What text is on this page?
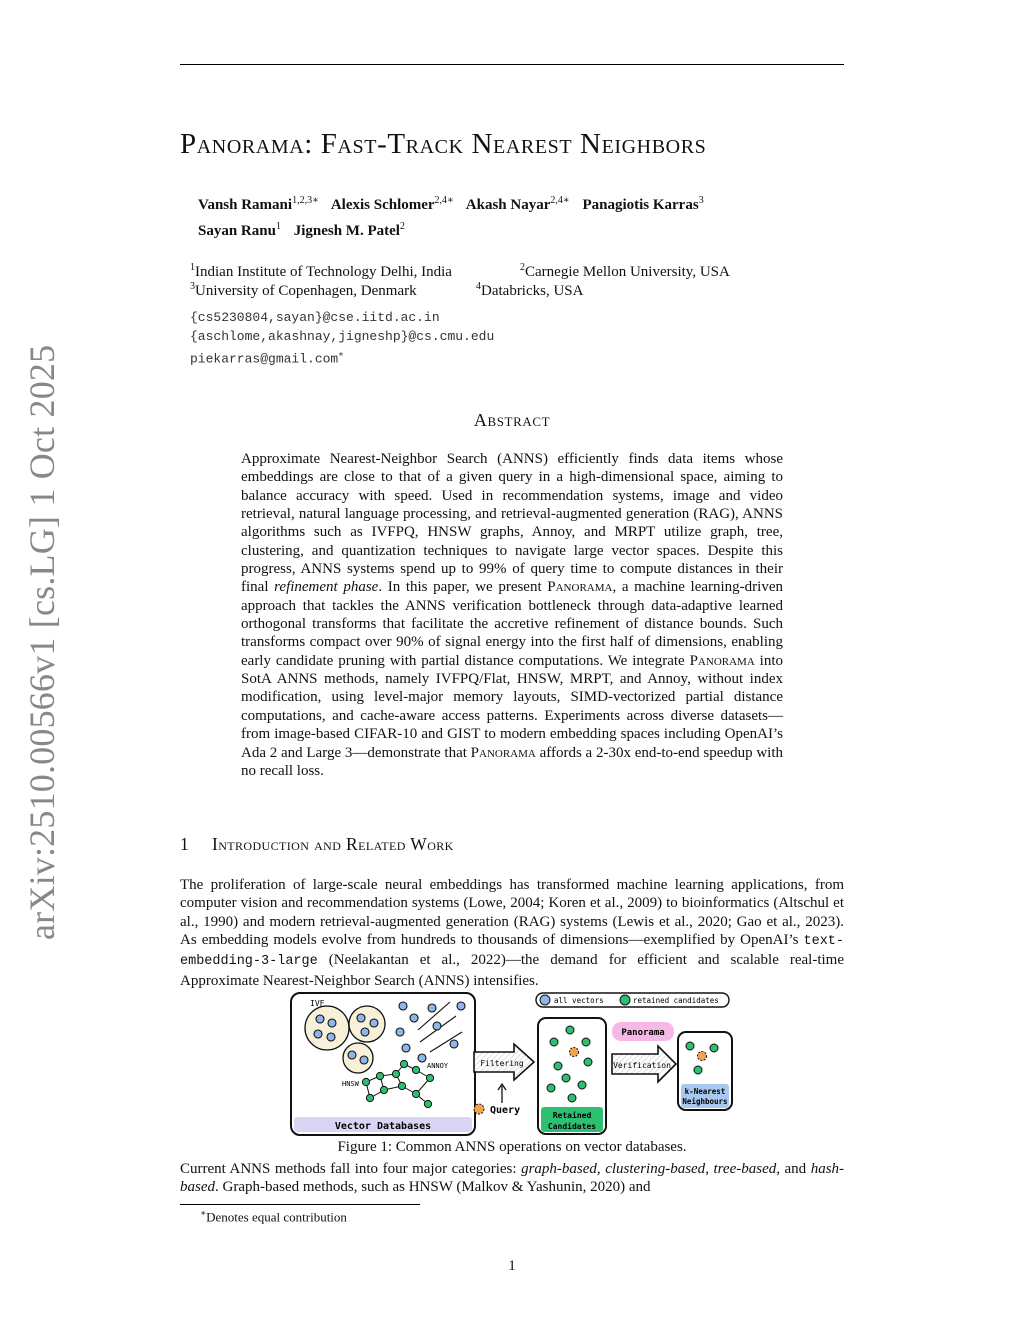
arXiv:2510.00566v1 [cs.LG] 1 Oct 2025
Panorama: Fast-Track Nearest Neighbors
Vansh Ramani$^{1,2,3∗}$ Alexis Schlomer$^{2,4∗}$ Akash Nayar$^{2,4∗}$ Panagiotis Karras$^3$
Sayan Ranu$^1$ Jignesh M. Patel$^2$
$^1$Indian Institute of Technology Delhi, India	$^2$Carnegie Mellon University, USA
$^3$University of Copenhagen, Denmark	$^4$Databricks, USA
{cs5230804,sayan}@cse.iitd.ac.in
{aschlome,akashnay,jigneshp}@cs.cmu.edu
piekarras@gmail.com∗
Abstract
Approximate Nearest-Neighbor Search (ANNS) efficiently finds data items whose embeddings are close to that of a given query in a high-dimensional space, aiming to balance accuracy with speed. Used in recommendation systems, image and video retrieval, natural language processing, and retrieval-augmented generation (RAG), ANNS algorithms such as IVFPQ, HNSW graphs, Annoy, and MRPT utilize graph, tree, clustering, and quantization techniques to navigate large vector spaces. Despite this progress, ANNS systems spend up to 99% of query time to compute distances in their final refinement phase. In this paper, we present Panorama, a machine learning-driven approach that tackles the ANNS verification bottleneck through data-adaptive learned orthogonal transforms that facilitate the accretive refinement of distance bounds. Such transforms compact over 90% of signal energy into the first half of dimensions, enabling early candidate pruning with partial distance computations. We integrate Panorama into SotA ANNS methods, namely IVFPQ/Flat, HNSW, MRPT, and Annoy, without index modification, using level-major memory layouts, SIMD-vectorized partial distance computations, and cache-aware access patterns. Experiments across diverse datasets—from image-based CIFAR-10 and GIST to modern embedding spaces including OpenAI’s Ada 2 and Large 3—demonstrate that Panorama affords a 2-30x end-to-end speedup with no recall loss.
1 Introduction and Related Work
The proliferation of large-scale neural embeddings has transformed machine learning applications, from computer vision and recommendation systems (Lowe, 2004; Koren et al., 2009) to bioinformatics (Altschul et al., 1990) and modern retrieval-augmented generation (RAG) systems (Lewis et al., 2020; Gao et al., 2023). As embedding models evolve from hundreds to thousands of dimensions—exemplified by OpenAI’s text-embedding-3-large (Neelakantan et al., 2022)—the demand for efficient and scalable real-time Approximate Nearest-Neighbor Search (ANNS) intensifies.
Vector Databases
IVF
ANNOY
HNSW
Filtering
Query
all vectors	retained candidates
Retained
Candidates
Panorama
Verification
k-Nearest
Neighbours
Figure 1: Common ANNS operations on vector databases.
Current ANNS methods fall into four major categories: graph-based, clustering-based, tree-based, and hash-based. Graph-based methods, such as HNSW (Malkov & Yashunin, 2020) and
∗Denotes equal contribution
1
